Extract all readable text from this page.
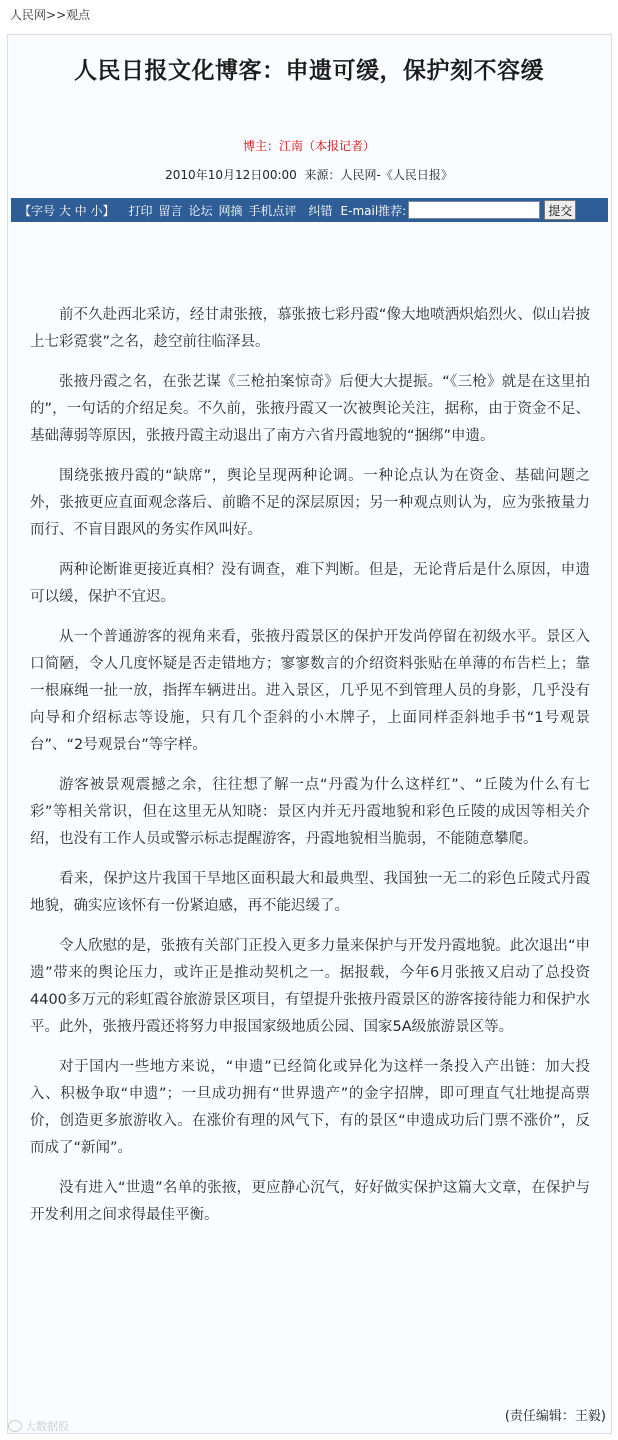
人民网>>观点
人民日报文化博客：申遗可缓，保护刻不容缓
博主：江南（本报记者）
2010年10月12日00:00 来源：人民网-《人民日报》
【字号 大 中 小】 打印 留言 论坛 网摘 手机点评 纠错 E-mail推荐:	提交

前不久赴西北采访，经甘肃张掖，慕张掖七彩丹霞“像大地喷洒炽焰烈火、似山岩披上七彩霓裳”之名，趁空前往临泽县。

张掖丹霞之名，在张艺谋《三枪拍案惊奇》后便大大提振。“《三枪》就是在这里拍的”，一句话的介绍足矣。不久前，张掖丹霞又一次被舆论关注，据称，由于资金不足、基础薄弱等原因，张掖丹霞主动退出了南方六省丹霞地貌的“捆绑”申遗。

围绕张掖丹霞的“缺席”，舆论呈现两种论调。一种论点认为在资金、基础问题之外，张掖更应直面观念落后、前瞻不足的深层原因；另一种观点则认为，应为张掖量力而行、不盲目跟风的务实作风叫好。

两种论断谁更接近真相？没有调查，难下判断。但是，无论背后是什么原因，申遗可以缓，保护不宜迟。

从一个普通游客的视角来看，张掖丹霞景区的保护开发尚停留在初级水平。景区入口简陋，令人几度怀疑是否走错地方；寥寥数言的介绍资料张贴在单薄的布告栏上；靠一根麻绳一扯一放，指挥车辆进出。进入景区，几乎见不到管理人员的身影，几乎没有向导和介绍标志等设施，只有几个歪斜的小木牌子，上面同样歪斜地手书“1号观景台”、“2号观景台”等字样。

游客被景观震撼之余，往往想了解一点“丹霞为什么这样红”、“丘陵为什么有七彩”等相关常识，但在这里无从知晓：景区内并无丹霞地貌和彩色丘陵的成因等相关介绍，也没有工作人员或警示标志提醒游客，丹霞地貌相当脆弱，不能随意攀爬。

看来，保护这片我国干旱地区面积最大和最典型、我国独一无二的彩色丘陵式丹霞地貌，确实应该怀有一份紧迫感，再不能迟缓了。

令人欣慰的是，张掖有关部门正投入更多力量来保护与开发丹霞地貌。此次退出“申遗”带来的舆论压力，或许正是推动契机之一。据报载，今年6月张掖又启动了总投资4400多万元的彩虹霞谷旅游景区项目，有望提升张掖丹霞景区的游客接待能力和保护水平。此外，张掖丹霞还将努力申报国家级地质公园、国家5A级旅游景区等。

对于国内一些地方来说，“申遗”已经简化或异化为这样一条投入产出链：加大投入、积极争取“申遗”；一旦成功拥有“世界遗产”的金字招牌，即可理直气壮地提高票价，创造更多旅游收入。在涨价有理的风气下，有的景区“申遗成功后门票不涨价”，反而成了“新闻”。

没有进入“世遗”名单的张掖，更应静心沉气，好好做实保护这篇大文章，在保护与开发利用之间求得最佳平衡。

(责任编辑：王毅)
大数据股
